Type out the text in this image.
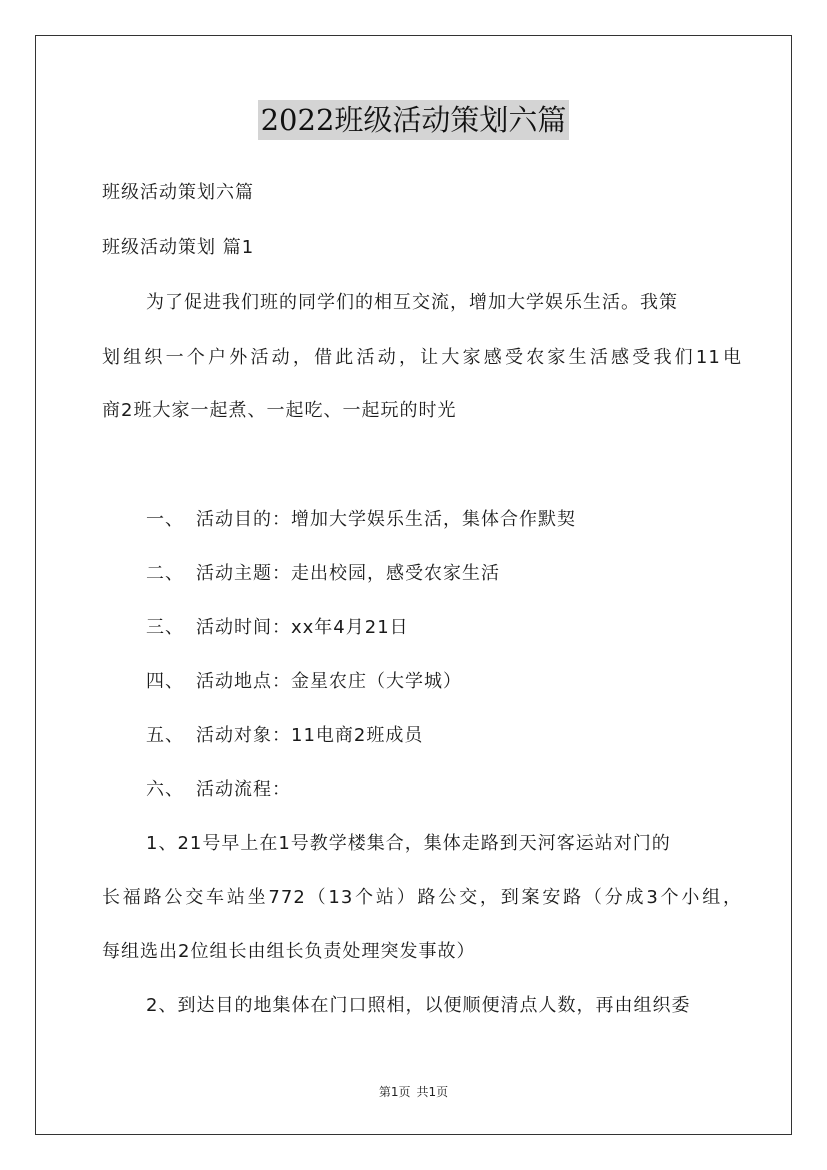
2022班级活动策划六篇
班级活动策划六篇
班级活动策划 篇1
为了促进我们班的同学们的相互交流，增加大学娱乐生活。我策
划组织一个户外活动，借此活动，让大家感受农家生活感受我们11电
商2班大家一起煮、一起吃、一起玩的时光
一、 活动目的：增加大学娱乐生活，集体合作默契
二、 活动主题：走出校园，感受农家生活
三、 活动时间：xx年4月21日
四、 活动地点：金星农庄（大学城）
五、 活动对象：11电商2班成员
六、 活动流程：
1、21号早上在1号教学楼集合，集体走路到天河客运站对门的
长福路公交车站坐772（13个站）路公交，到案安路（分成3个小组，
每组选出2位组长由组长负责处理突发事故）
2、到达目的地集体在门口照相，以便顺便清点人数，再由组织委
第1页 共1页
